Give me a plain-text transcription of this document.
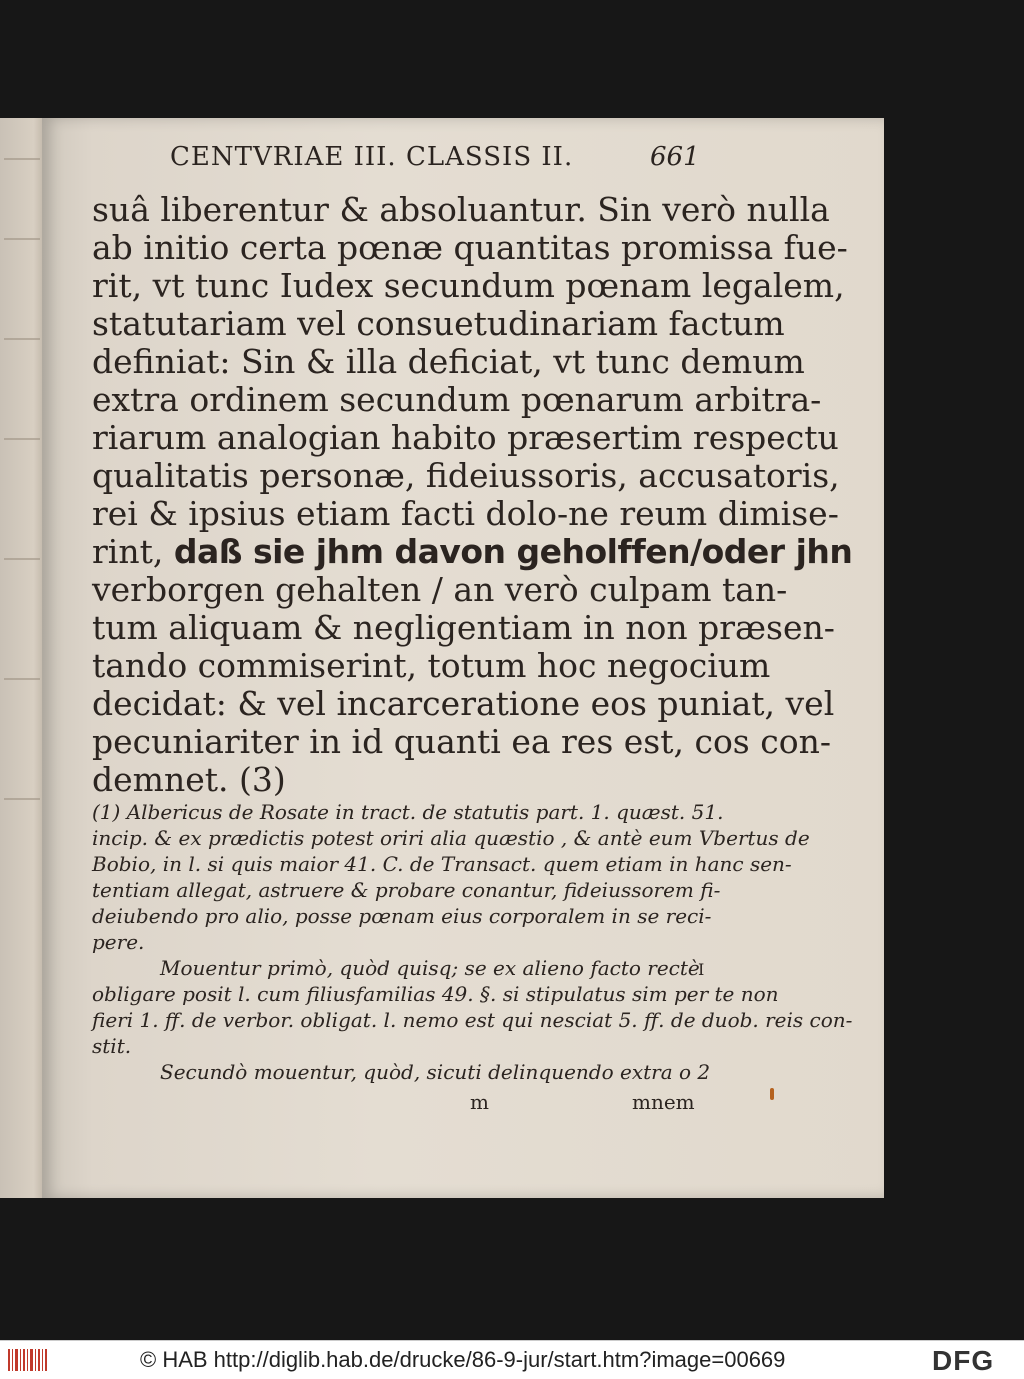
CENTVRIAE III. CLASSIS II.	661
suâ liberentur & absoluantur. Sin verò nulla
ab initio certa pœnæ quantitas promissa fue-
rit, vt tunc Iudex secundum pœnam legalem,
statutariam vel consuetudinariam factum
definiat: Sin & illa deficiat, vt tunc demum
extra ordinem secundum pœnarum arbitra-
riarum analogian habito præsertim respectu
qualitatis personæ, fideiussoris, accusatoris,
rei & ipsius etiam facti dolo-ne reum dimise-
rint, daß sie jhm davon geholffen/oder jhn
verborgen gehalten / an verò culpam tan-
tum aliquam & negligentiam in non præsen-
tando commiserint, totum hoc negocium
decidat: & vel incarceratione eos puniat, vel
pecuniariter in id quanti ea res est, cos con-
demnet. (3)
(1) Albericus de Rosate in tract. de statutis part. 1. quæst. 51.
incip. & ex prædictis potest oriri alia quæstio , & antè eum Vbertus de
Bobio, in l. si quis maior 41. C. de Transact. quem etiam in hanc sen-
tentiam allegat, astruere & probare conantur, fideiussorem fi-
deiubendo pro alio, posse pœnam eius corporalem in se reci-
pere.
Mouentur primò, quòd quisq; se ex alieno facto rectè
obligare posit l. cum filiusfamilias 49. §. si stipulatus sim per te non
fieri 1. ff. de verbor. obligat. l. nemo est qui nesciat 5. ff. de duob. reis con-
stit.
Secundò mouentur, quòd, sicuti delinquendo extra o 2
I
m	mnem
© HAB http://diglib.hab.de/drucke/86-9-jur/start.htm?image=00669	DFG
